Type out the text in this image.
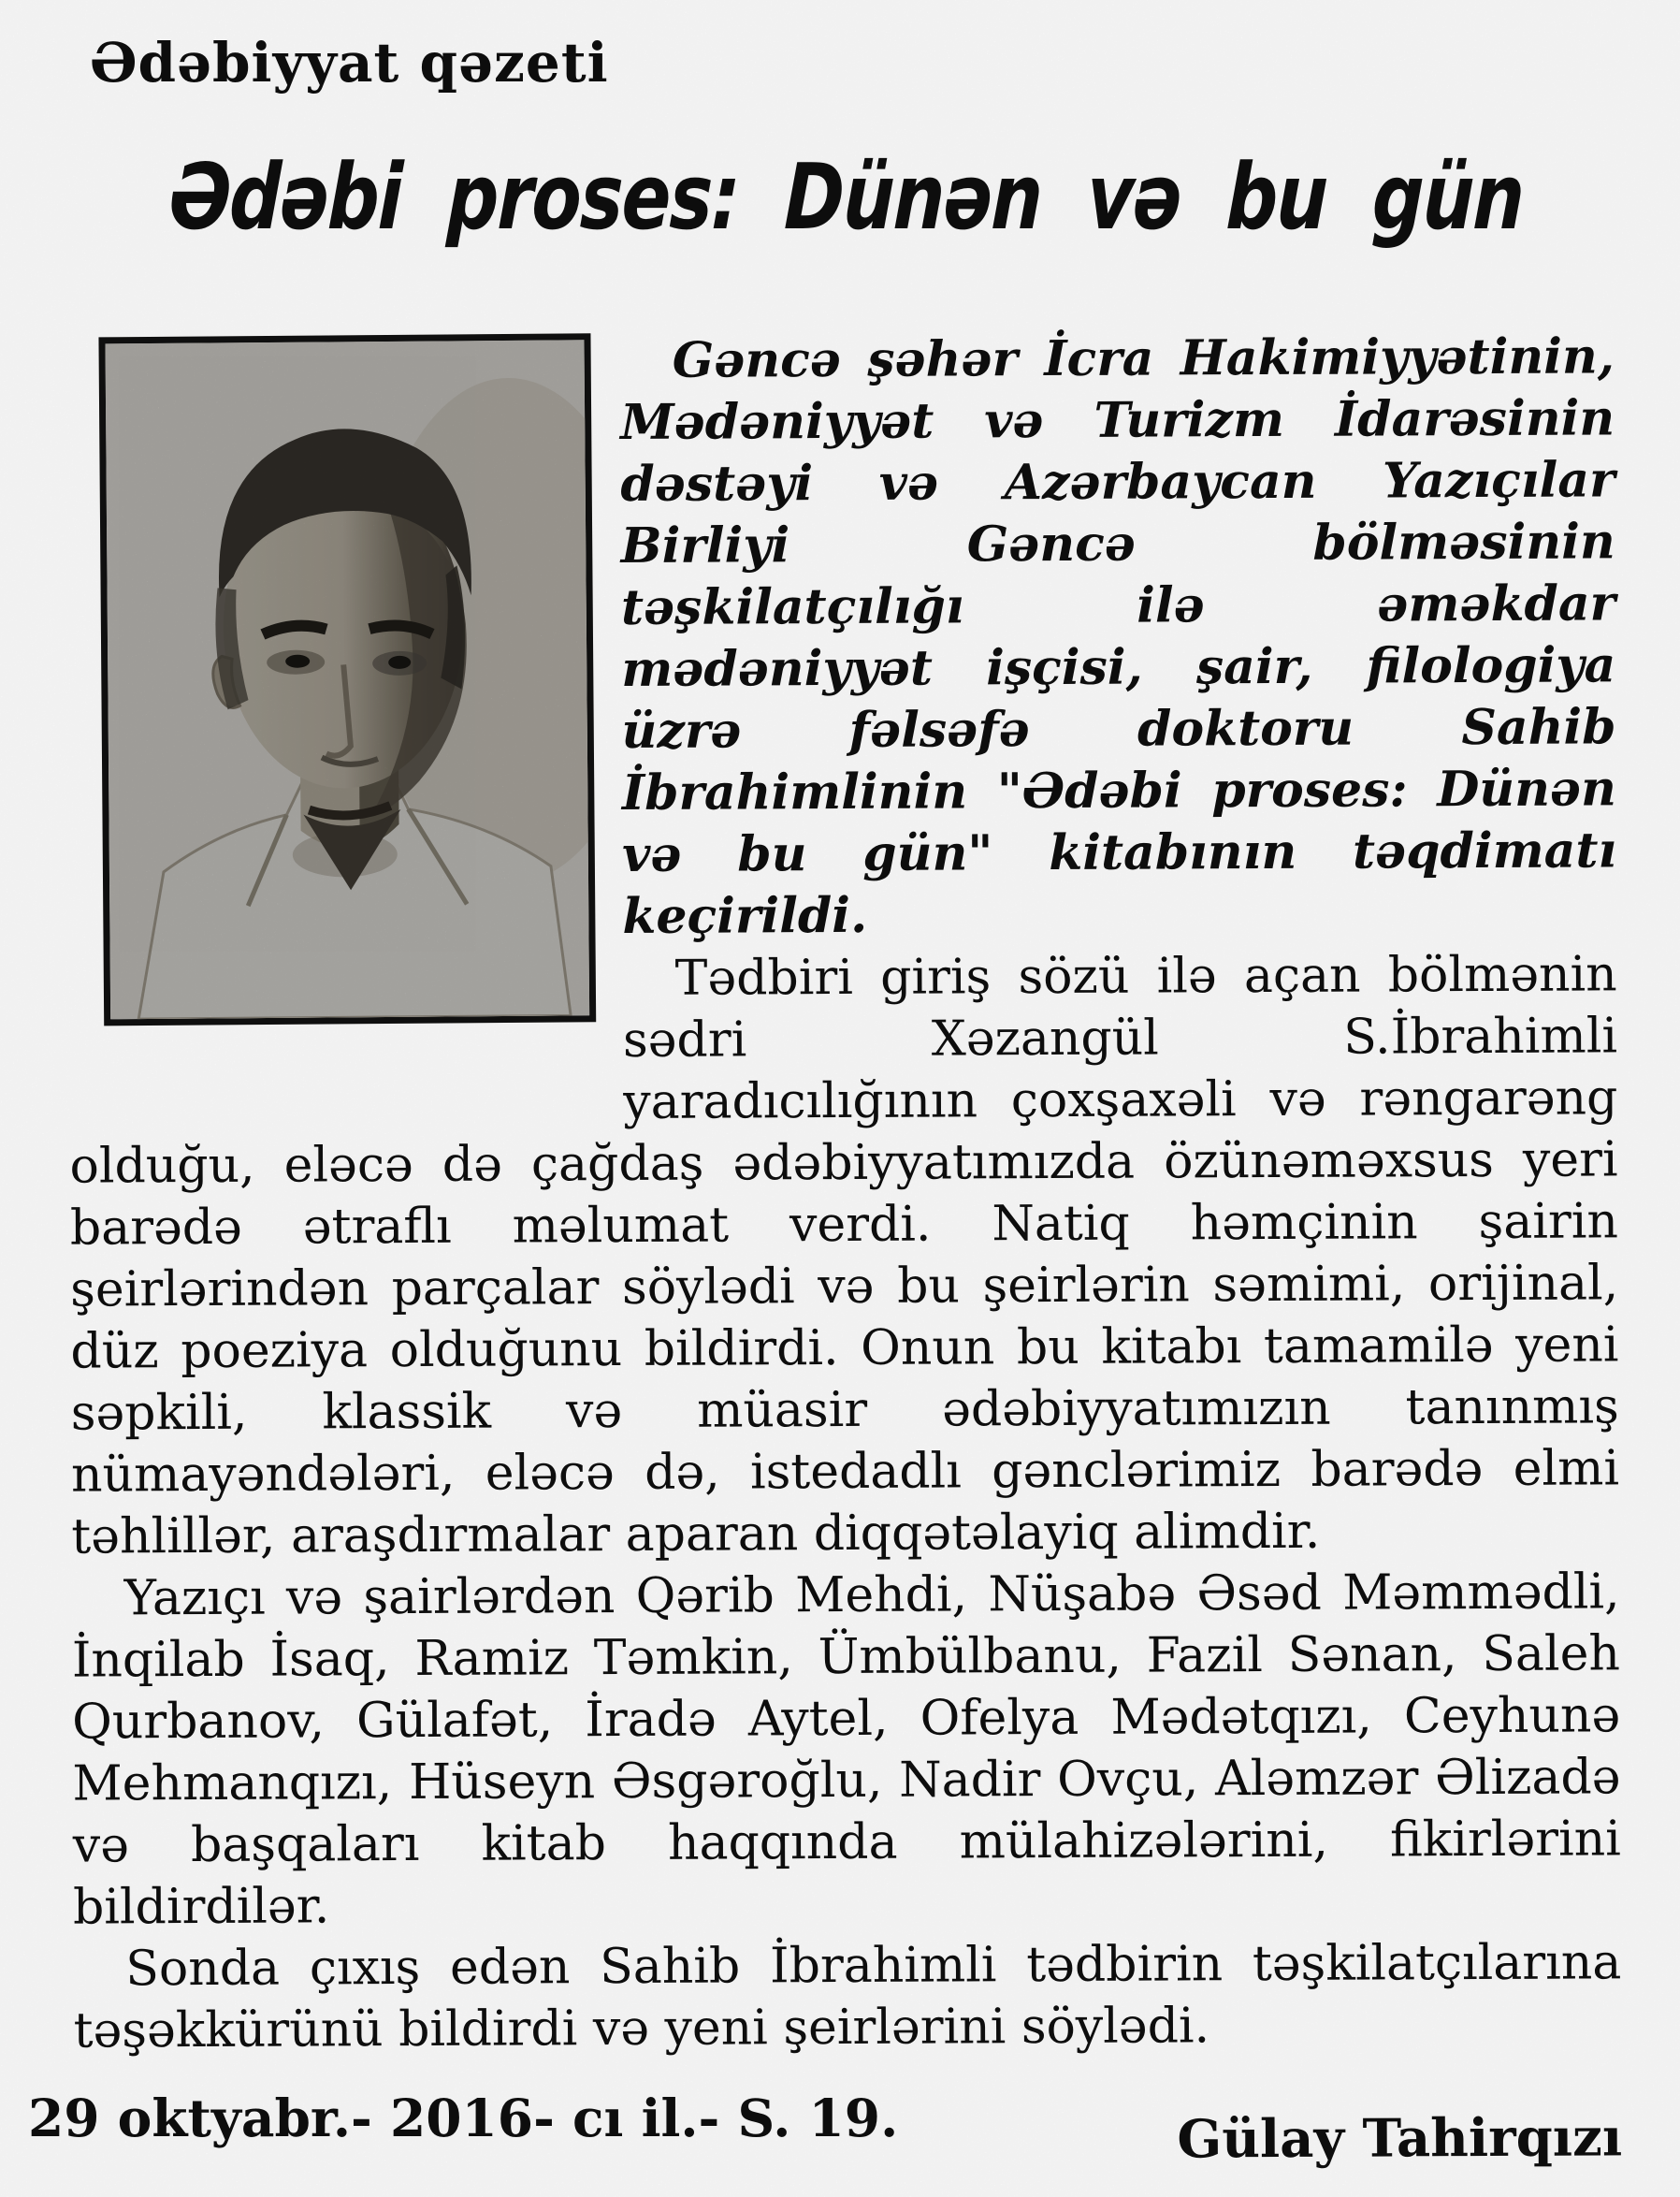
Ədəbiyyat qəzeti
Ədəbi proses: Dünən və bu gün

Gəncə şəhər İcra Hakimiyyətinin, Mədəniyyət və Turizm İdarəsinin dəstəyi və Azərbaycan Yazıçılar Birliyi Gəncə bölməsinin təşkilatçılığı ilə əməkdar mədəniyyət işçisi, şair, filologiya üzrə fəlsəfə doktoru Sahib İbrahimlinin "Ədəbi proses: Dünən və bu gün" kitabının təqdimatı keçirildi.

Tədbiri giriş sözü ilə açan bölmənin sədri Xəzangül S.İbrahimli yaradıcılığının çoxşaxəli və rəngarəng olduğu, eləcə də çağdaş ədəbiyyatımızda özünəməxsus yeri barədə ətraflı məlumat verdi. Natiq həmçinin şairin şeirlərindən parçalar söylədi və bu şeirlərin səmimi, orijinal, düz poeziya olduğunu bildirdi. Onun bu kitabı tamamilə yeni səpkili, klassik və müasir ədəbiyyatımızın tanınmış nümayəndələri, eləcə də, istedadlı gənclərimiz barədə elmi təhlillər, araşdırmalar aparan diqqətəlayiq alimdir.

Yazıçı və şairlərdən Qərib Mehdi, Nüşabə Əsəd Məmmədli, İnqilab İsaq, Ramiz Təmkin, Ümbülbanu, Fazil Sənan, Saleh Qurbanov, Gülafət, İradə Aytel, Ofelya Mədətqızı, Ceyhunə Mehmanqızı, Hüseyn Əsgəroğlu, Nadir Ovçu, Aləmzər Əlizadə və başqaları kitab haqqında mülahizələrini, fikirlərini bildirdilər.

Sonda çıxış edən Sahib İbrahimli tədbirin təşkilatçılarına təşəkkürünü bildirdi və yeni şeirlərini söylədi.

Gülay Tahirqızı
29 oktyabr.- 2016- cı il.- S. 19.
